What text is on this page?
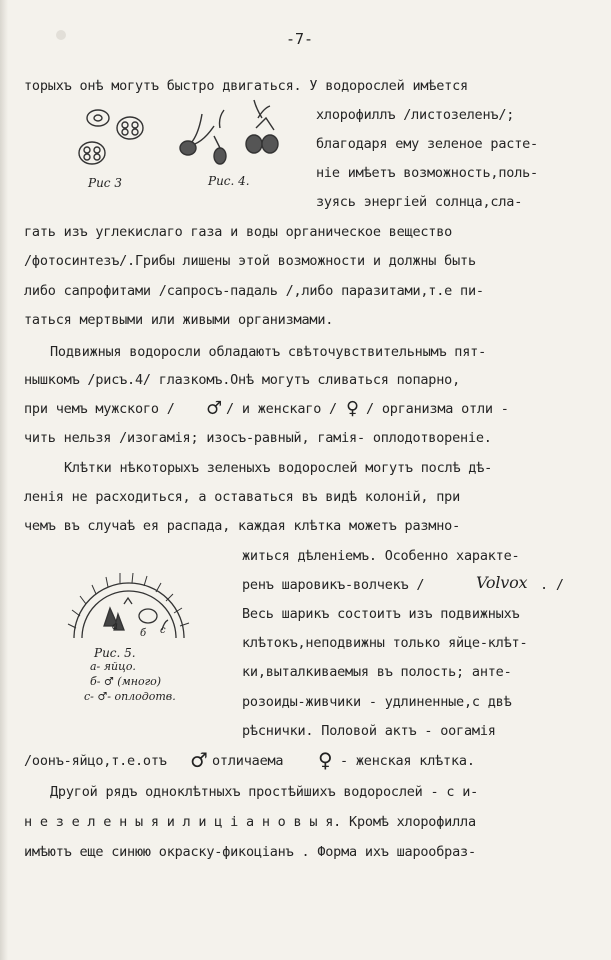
-7-
Рис 3	Рис. 4.
а
б с
Рис. 5.
а- яйцо.
б- ♂ (много)
с- ♂- оплодотв.
торыхъ онѣ могутъ быстро двигаться. У водорослей имѣется
хлорофиллъ /листозеленъ/;
благодаря ему зеленое расте-
ніе имѣетъ возможность,поль-
зуясь энергіей солнца,сла-
гать изъ углекислаго газа и воды органическое вещество
/фотосинтезъ/.Грибы лишены этой возможности и должны быть
либо сапрофитами /сапросъ-падаль /,либо паразитами,т.е пи-
таться мертвыми или живыми организмами.
Подвижныя водоросли обладаютъ свѣточувствительнымъ пят-
нышкомъ /рисъ.4/ глазкомъ.Онѣ могутъ сливаться попарно,
при чемъ мужского / ♂ / и женскаго / ♀ / организма отли -
чить нельзя /изогамія; изосъ-равный, гамія- оплодотвореніе.
Клѣтки нѣкоторыхъ зеленыхъ водорослей могутъ послѣ дѣ-
ленія не расходиться, а оставаться въ видѣ колоній, при
чемъ въ случаѣ ея распада, каждая клѣтка можетъ размно-
житься дѣленіемъ. Особенно характе-
ренъ шаровикъ-волчекъ /	Volvox . /
Весь шарикъ состоитъ изъ подвижныхъ
клѣтокъ,неподвижны только яйце-клѣт-
ки,выталкиваемыя въ полость; анте-
розоиды-живчики - удлиненные,с двѣ
рѣснички. Половой актъ - оогамія
/оонъ-яйцо,т.е.отъ ♂ отличаема ♀ - женская клѣтка.
Другой рядъ одноклѣтныхъ простѣйшихъ водорослей - с и-
н е з е л е н ы я и л и ц і а н о в ы я. Кромѣ хлорофилла
имѣютъ еще синюю окраску-фикоціанъ . Форма ихъ шарообраз-
